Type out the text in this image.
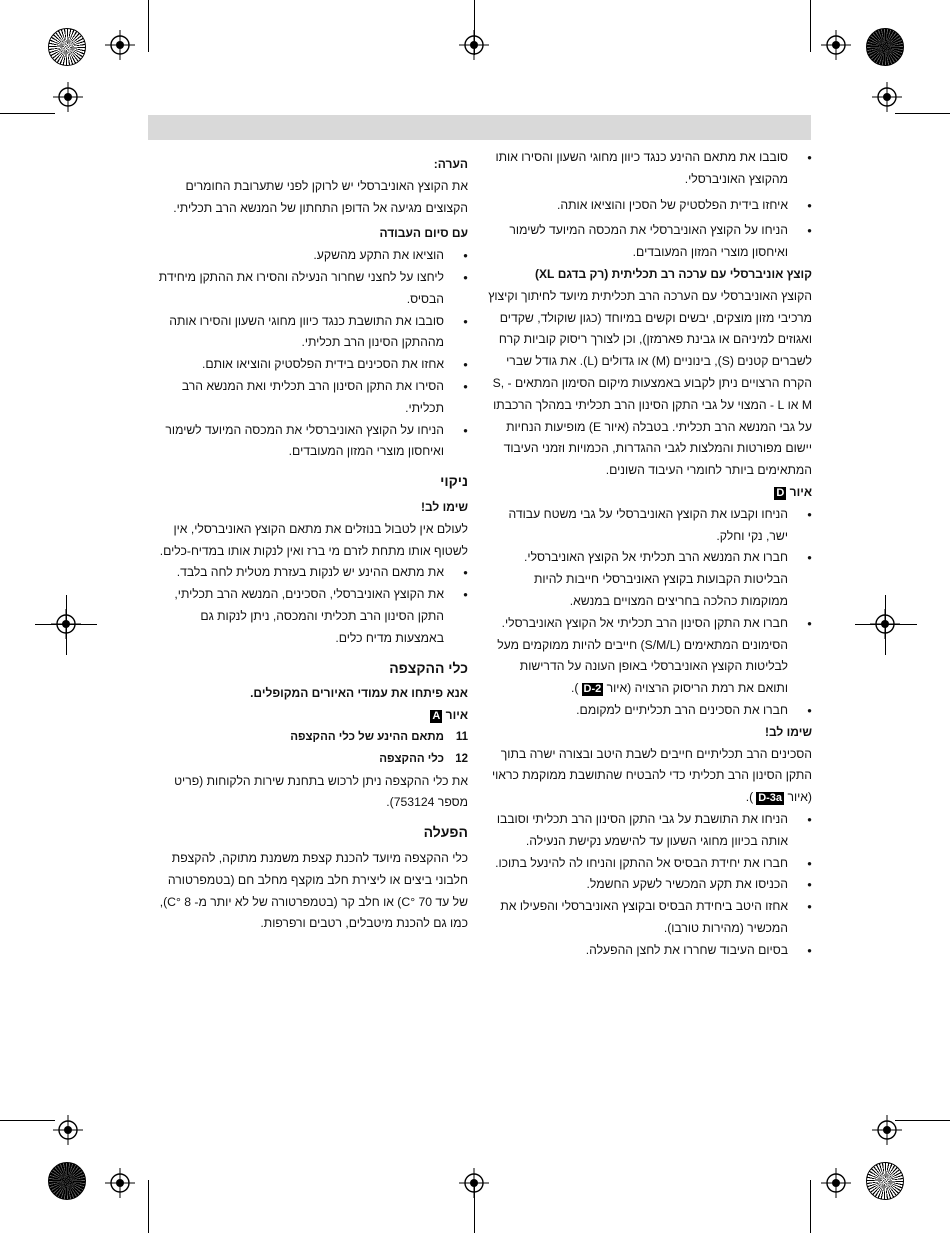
● סובבו את מתאם ההינע כנגד כיוון מחוגי השעון והסירו אותו מהקוצץ האוניברסלי.
● איחזו בידית הפלסטיק של הסכין והוציאו אותה.
● הניחו על הקוצץ האוניברסלי את המכסה המיועד לשימור ואיחסון מוצרי המזון המעובדים.

קוצץ אוניברסלי עם ערכה רב תכליתית (רק בדגם XL)

הקוצץ האוניברסלי עם הערכה הרב תכליתית מיועד לחיתוך וקיצוץ מרכיבי מזון מוצקים, יבשים וקשים במיוחד (כגון שוקולד, שקדים ואגוזים למיניהם או גבינת פארמזן), וכן לצורך ריסוק קוביות קרח לשברים קטנים (S), בינוניים (M) או גדולים (L). את גודל שברי הקרח הרצויים ניתן לקבוע באמצעות מיקום הסימון המתאים - S, M או L - המצוי על גבי התקן הסינון הרב תכליתי במהלך הרכבתו על גבי המנשא הרב תכליתי. בטבלה (איור E) מופיעות הנחיות יישום מפורטות והמלצות לגבי ההגדרות, הכמויות וזמני העיבוד המתאימים ביותר לחומרי העיבוד השונים.

איור D

● הניחו וקבעו את הקוצץ האוניברסלי על גבי משטח עבודה ישר, נקי וחלק.
● חברו את המנשא הרב תכליתי אל הקוצץ האוניברסלי. הבליטות הקבועות בקוצץ האוניברסלי חייבות להיות ממוקמות כהלכה בחריצים המצויים במנשא.
● חברו את התקן הסינון הרב תכליתי אל הקוצץ האוניברסלי. הסימונים המתאימים (S/M/L) חייבים להיות ממוקמים מעל לבליטות הקוצץ האוניברסלי באופן העונה על הדרישות ותואם את רמת הריסוק הרצויה (איור D-2).
● חברו את הסכינים הרב תכליתיים למקומם.

שימו לב!

הסכינים הרב תכליתיים חייבים לשבת היטב ובצורה ישרה בתוך התקן הסינון הרב תכליתי כדי להבטיח שהתושבת ממוקמת כראוי (איור D-3a).

● הניחו את התושבת על גבי התקן הסינון הרב תכליתי וסובבו אותה בכיוון מחוגי השעון עד להישמע נקישת הנעילה.
● חברו את יחידת הבסיס אל ההתקן והניחו לה להינעל בתוכו.
● הכניסו את תקע המכשיר לשקע החשמל.
● אחזו היטב ביחידת הבסיס ובקוצץ האוניברסלי והפעילו את המכשיר (מהירות טורבו).
● בסיום העיבוד שחררו את לחצן ההפעלה.

הערה:

את הקוצץ האוניברסלי יש לרוקן לפני שתערובת החומרים הקצוצים מגיעה אל הדופן התחתון של המנשא הרב תכליתי.

עם סיום העבודה

● הוציאו את התקע מהשקע.
● ליחצו על לחצני שחרור הנעילה והסירו את ההתקן מיחידת הבסיס.
● סובבו את התושבת כנגד כיוון מחוגי השעון והסירו אותה מההתקן הסינון הרב תכליתי.
● אחזו את הסכינים בידית הפלסטיק והוציאו אותם.
● הסירו את התקן הסינון הרב תכליתי ואת המנשא הרב תכליתי.
● הניחו על הקוצץ האוניברסלי את המכסה המיועד לשימור ואיחסון מוצרי המזון המעובדים.

ניקוי

שימו לב!

לעולם אין לטבול בנוזלים את מתאם הקוצץ האוניברסלי, אין לשטוף אותו מתחת לזרם מי ברז ואין לנקות אותו במדיח-כלים.

● את מתאם ההינע יש לנקות בעזרת מטלית לחה בלבד.
● את הקוצץ האוניברסלי, הסכינים, המנשא הרב תכליתי, התקן הסינון הרב תכליתי והמכסה, ניתן לנקות גם באמצעות מדיח כלים.

כלי ההקצפה

אנא פיתחו את עמודי האיורים המקופלים.

איור A

11
מתאם ההינע של כלי ההקצפה
12
כלי ההקצפה

את כלי ההקצפה ניתן לרכוש בתחנת שירות הלקוחות (פריט מספר 753124).

הפעלה

כלי ההקצפה מיועד להכנת קצפת משמנת מתוקה, להקצפת חלבוני ביצים או ליצירת חלב מוקצף מחלב חם (בטמפרטורה של עד 70 °C) או חלב קר (בטמפרטורה של לא יותר מ- 8 °C), כמו גם להכנת מיטבלים, רטבים ורפרפות.
